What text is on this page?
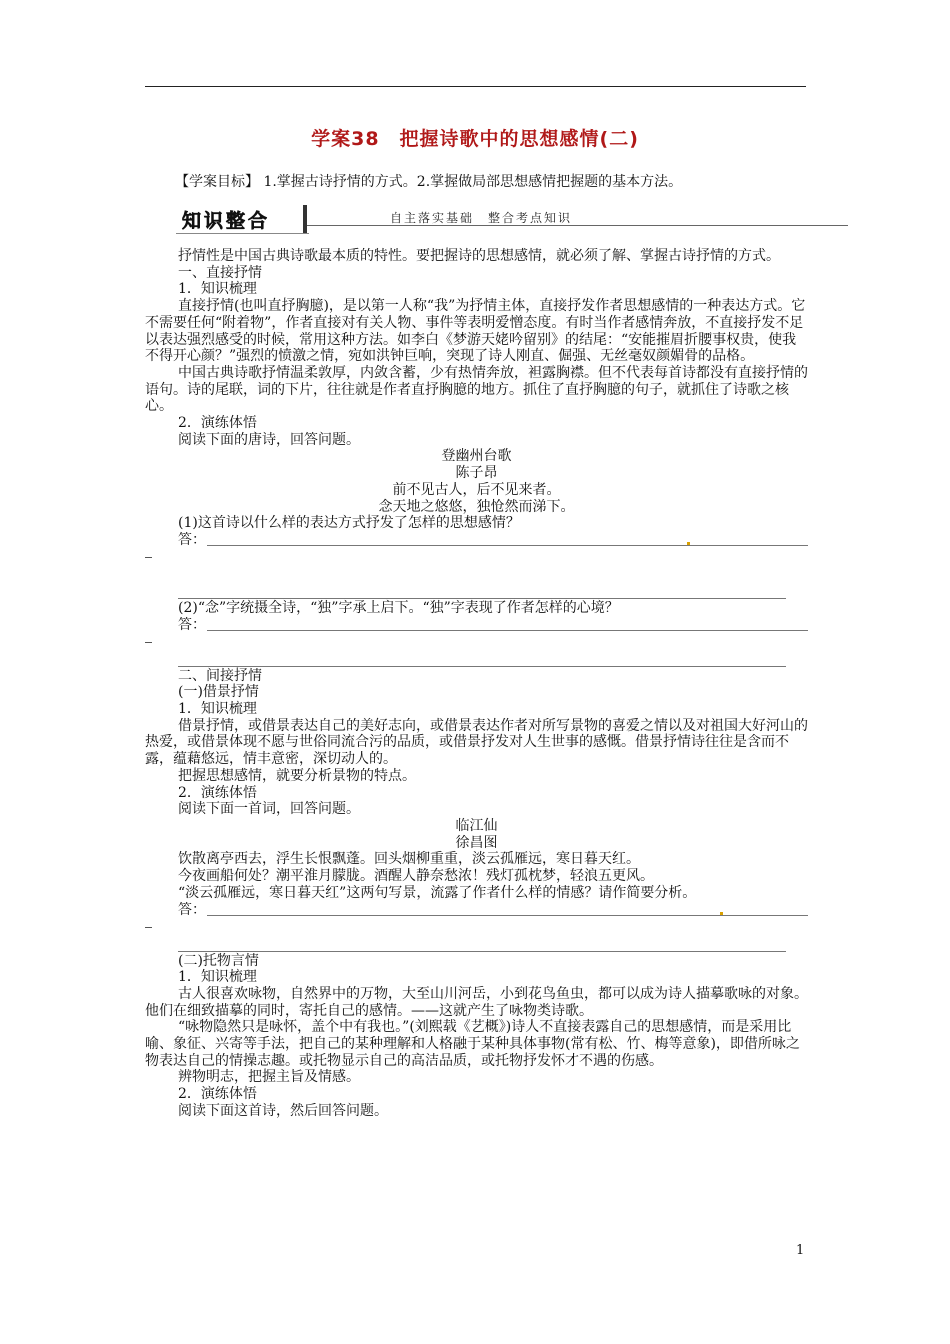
学案38　把握诗歌中的思想感情(二)
【学案目标】 1.掌握古诗抒情的方式。2.掌握做局部思想感情把握题的基本方法。
知识整合	自主落实基础　整合考点知识

抒情性是中国古典诗歌最本质的特性。要把握诗的思想感情，就必须了解、掌握古诗抒情的方式。

一、直接抒情

1．知识梳理

直接抒情(也叫直抒胸臆)，是以第一人称“我”为抒情主体，直接抒发作者思想感情的一种表达方式。它不需要任何“附着物”，作者直接对有关人物、事件等表明爱憎态度。有时当作者感情奔放，不直接抒发不足以表达强烈感受的时候，常用这种方法。如李白《梦游天姥吟留别》的结尾：“安能摧眉折腰事权贵，使我不得开心颜？”强烈的愤激之情，宛如洪钟巨响，突现了诗人刚直、倔强、无丝毫奴颜媚骨的品格。

中国古典诗歌抒情温柔敦厚，内敛含蓄，少有热情奔放，袒露胸襟。但不代表每首诗都没有直接抒情的语句。诗的尾联，词的下片，往往就是作者直抒胸臆的地方。抓住了直抒胸臆的句子，就抓住了诗歌之核心。

2．演练体悟

阅读下面的唐诗，回答问题。

登幽州台歌

陈子昂

前不见古人，后不见来者。

念天地之悠悠，独怆然而涕下。

(1)这首诗以什么样的表达方式抒发了怎样的思想感情？

答：

(2)“念”字统摄全诗，“独”字承上启下。“独”字表现了作者怎样的心境？

答：

二、间接抒情

(一)借景抒情

1．知识梳理

借景抒情，或借景表达自己的美好志向，或借景表达作者对所写景物的喜爱之情以及对祖国大好河山的热爱，或借景体现不愿与世俗同流合污的品质，或借景抒发对人生世事的感慨。借景抒情诗往往是含而不露，蕴藉悠远，情丰意密，深切动人的。

把握思想感情，就要分析景物的特点。

2．演练体悟

阅读下面一首词，回答问题。

临江仙

徐昌图

饮散离亭西去，浮生长恨飘蓬。回头烟柳重重，淡云孤雁远，寒日暮天红。

今夜画船何处？潮平淮月朦胧。酒醒人静奈愁浓！残灯孤枕梦，轻浪五更风。

“淡云孤雁远，寒日暮天红”这两句写景，流露了作者什么样的情感？请作简要分析。

答：

(二)托物言情

1．知识梳理

古人很喜欢咏物，自然界中的万物，大至山川河岳，小到花鸟鱼虫，都可以成为诗人描摹歌咏的对象。他们在细致描摹的同时，寄托自己的感情。——这就产生了咏物类诗歌。

“咏物隐然只是咏怀，盖个中有我也。”(刘熙载《艺概》)诗人不直接表露自己的思想感情，而是采用比喻、象征、兴寄等手法，把自己的某种理解和人格融于某种具体事物(常有松、竹、梅等意象)，即借所咏之物表达自己的情操志趣。或托物显示自己的高洁品质，或托物抒发怀才不遇的伤感。

辨物明志，把握主旨及情感。

2．演练体悟

阅读下面这首诗，然后回答问题。

1
